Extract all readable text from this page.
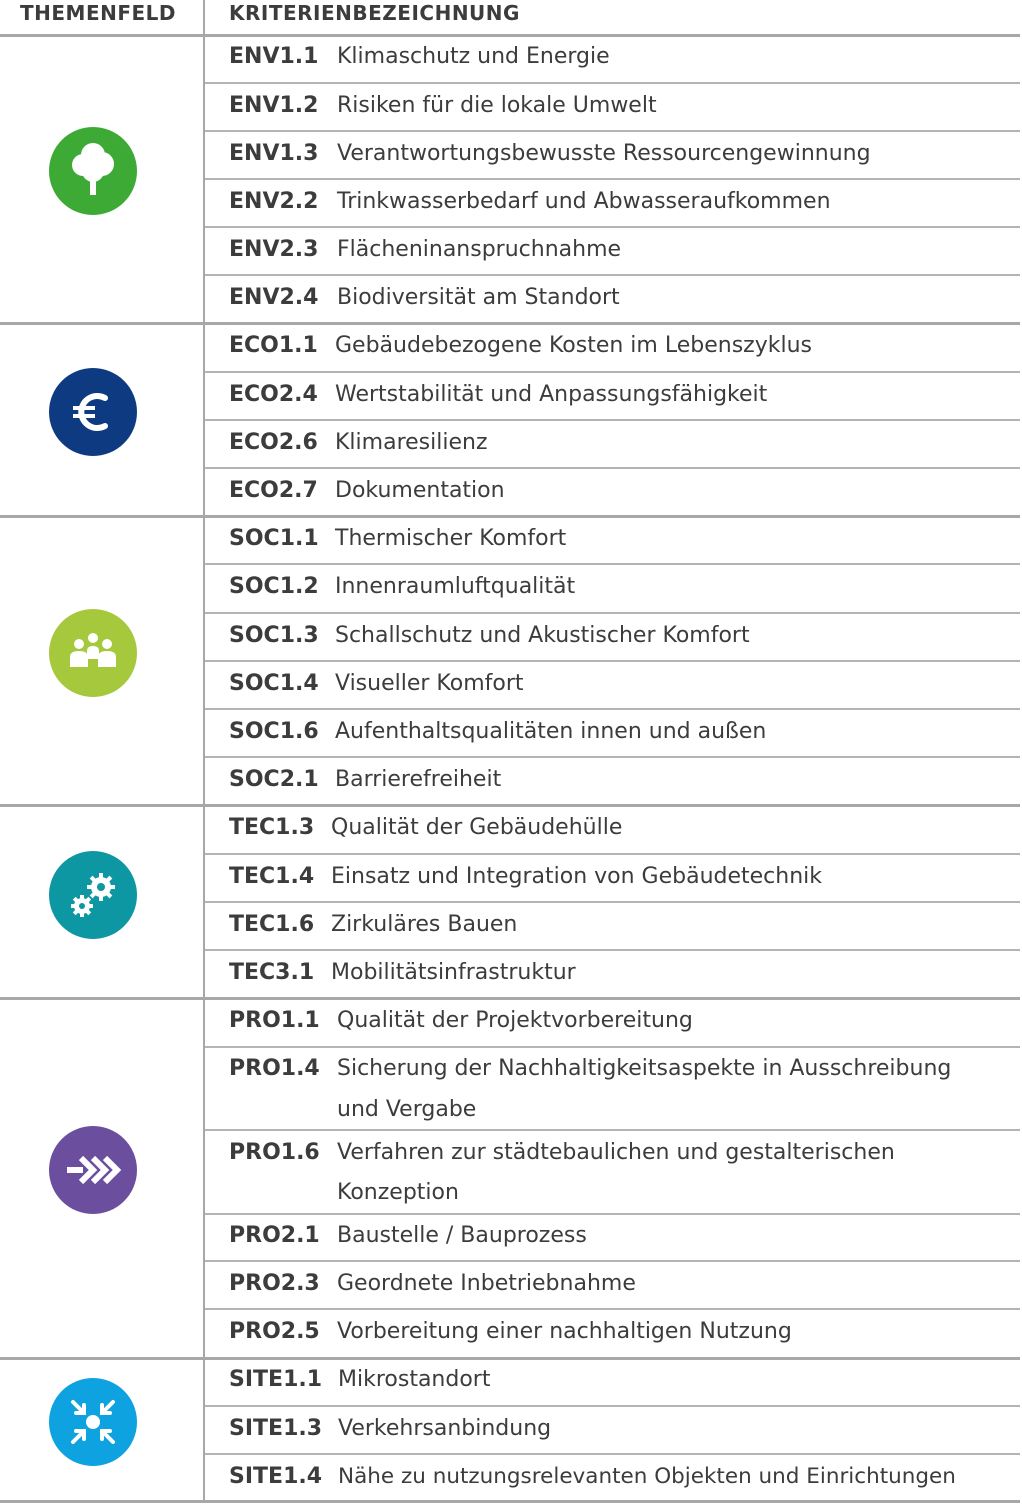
THEMENFELD	KRITERIENBEZEICHNUNG
ENV1.1 Klimaschutz und Energie
ENV1.2 Risiken für die lokale Umwelt
ENV1.3 Verantwortungsbewusste Ressourcengewinnung
ENV2.2 Trinkwasserbedarf und Abwasseraufkommen
ENV2.3 Flächeninanspruchnahme
ENV2.4 Biodiversität am Standort
ECO1.1 Gebäudebezogene Kosten im Lebenszyklus
ECO2.4 Wertstabilität und Anpassungsfähigkeit
ECO2.6 Klimaresilienz
ECO2.7 Dokumentation
SOC1.1 Thermischer Komfort
SOC1.2 Innenraumluftqualität
SOC1.3 Schallschutz und Akustischer Komfort
SOC1.4 Visueller Komfort
SOC1.6 Aufenthaltsqualitäten innen und außen
SOC2.1 Barrierefreiheit
TEC1.3 Qualität der Gebäudehülle
TEC1.4 Einsatz und Integration von Gebäudetechnik
TEC1.6 Zirkuläres Bauen
TEC3.1 Mobilitätsinfrastruktur
PRO1.1 Qualität der Projektvorbereitung
PRO1.4 Sicherung der Nachhaltigkeitsaspekte in Ausschreibung
und Vergabe
PRO1.6 Verfahren zur städtebaulichen und gestalterischen
Konzeption
PRO2.1 Baustelle / Bauprozess
PRO2.3 Geordnete Inbetriebnahme
PRO2.5 Vorbereitung einer nachhaltigen Nutzung
SITE1.1 Mikrostandort
SITE1.3 Verkehrsanbindung
SITE1.4 Nähe zu nutzungsrelevanten Objekten und Einrichtungen
